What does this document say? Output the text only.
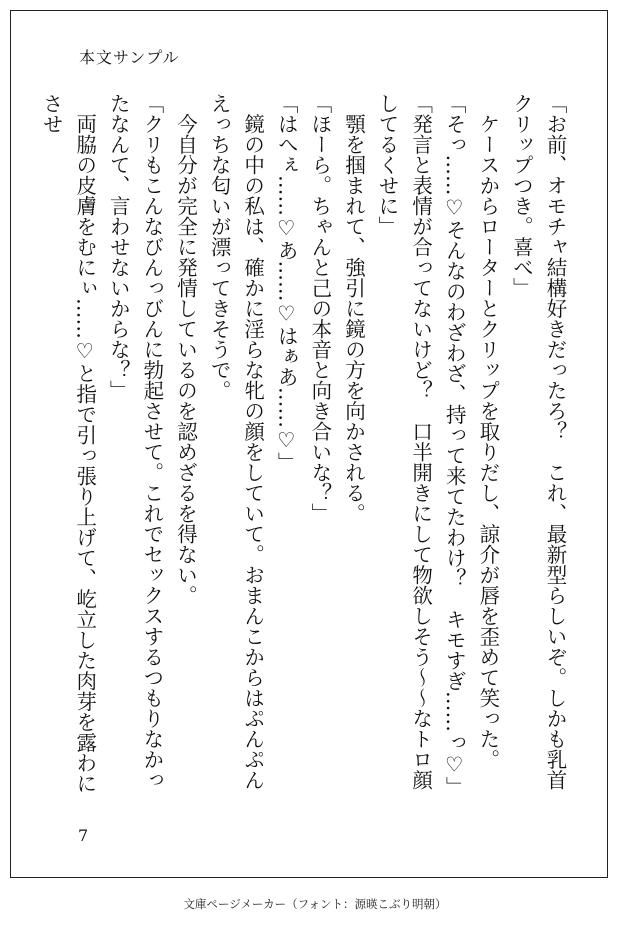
本文サンプル

「お前、オモチャ結構好きだったろ？　これ、最新型らしいぞ。しかも乳首クリップつき。喜べ」

　ケースからローターとクリップを取りだし、諒介が唇を歪めて笑った。

「そっ……♡そんなのわざわざ、持って来てたわけ？　キモすぎ……っ♡」

「発言と表情が合ってないけど？　口半開きにして物欲しそう～～なトロ顔してるくせに」

　顎を掴まれて、強引に鏡の方を向かされる。

「ほーら。ちゃんと己の本音と向き合いな？」

「はへぇ……♡あ……♡はぁあ……♡」

　鏡の中の私は、確かに淫らな牝の顔をしていて。おまんこからはぷんぷんえっちな匂いが漂ってきそうで。

　今自分が完全に発情しているのを認めざるを得ない。

「クリもこんなびんっびんに勃起させて。これでセックスするつもりなかったなんて、言わせないからな？」

　両脇の皮膚をむにぃ……♡と指で引っ張り上げて、屹立した肉芽を露わにさせ

7
文庫ページメーカー（フォント：源暎こぶり明朝）
